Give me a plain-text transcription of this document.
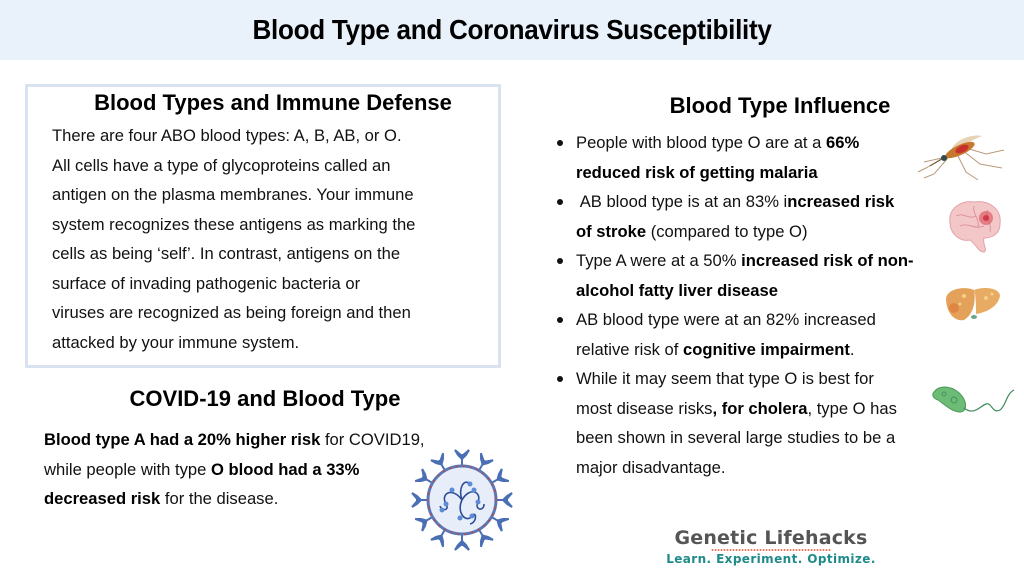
Blood Type and Coronavirus Susceptibility
Blood Types and Immune Defense
There are four ABO blood types: A, B, AB, or O.
All cells have a type of glycoproteins called an
antigen on the plasma membranes. Your immune
system recognizes these antigens as marking the
cells as being ‘self’. In contrast, antigens on the
surface of invading pathogenic bacteria or
viruses are recognized as being foreign and then
attacked by your immune system.
COVID-19 and Blood Type
Blood type A had a 20% higher risk for COVID19,
while people with type O blood had a 33%
decreased risk for the disease.
Blood Type Influence
People with blood type O are at a 66%
reduced risk of getting malaria
AB blood type is at an 83% increased risk
of stroke (compared to type O)
Type A were at a 50% increased risk of non-
alcohol fatty liver disease
AB blood type were at an 82% increased
relative risk of cognitive impairment.
While it may seem that type O is best for
most disease risks, for cholera, type O has
been shown in several large studies to be a
major disadvantage.
Genetic Lifehacks
Learn. Experiment. Optimize.
